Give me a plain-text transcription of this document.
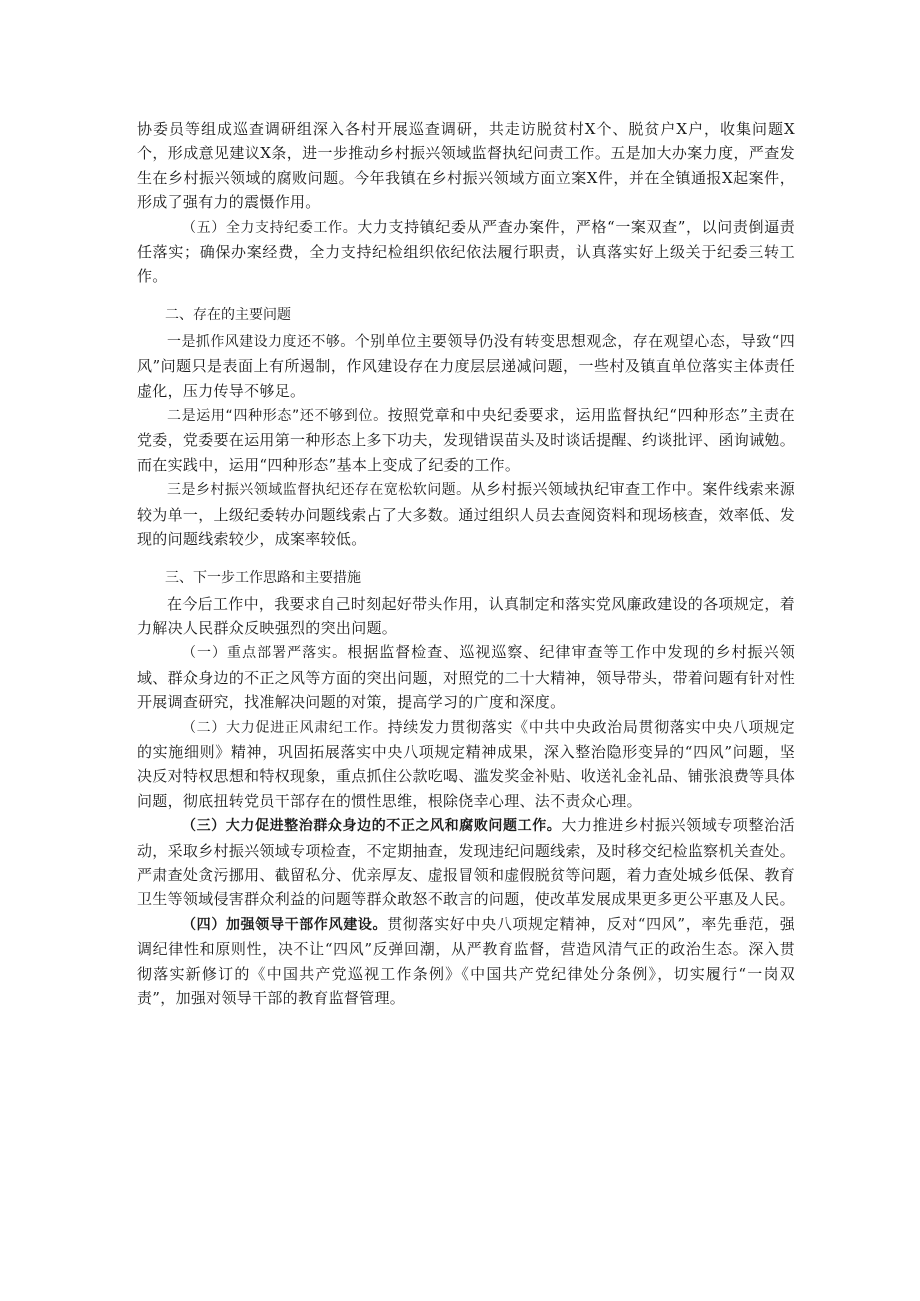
协委员等组成巡查调研组深入各村开展巡查调研，共走访脱贫村X个、脱贫户X户，收集问题X个，形成意见建议X条，进一步推动乡村振兴领域监督执纪问责工作。五是加大办案力度，严查发生在乡村振兴领域的腐败问题。今年我镇在乡村振兴领域方面立案X件，并在全镇通报X起案件，形成了强有力的震慑作用。

（五）全力支持纪委工作。大力支持镇纪委从严查办案件，严格“一案双查”，以问责倒逼责任落实；确保办案经费，全力支持纪检组织依纪依法履行职责，认真落实好上级关于纪委三转工作。

二、存在的主要问题

一是抓作风建设力度还不够。个别单位主要领导仍没有转变思想观念，存在观望心态，导致“四风”问题只是表面上有所遏制，作风建设存在力度层层递减问题，一些村及镇直单位落实主体责任虚化，压力传导不够足。

二是运用“四种形态”还不够到位。按照党章和中央纪委要求，运用监督执纪“四种形态”主责在党委，党委要在运用第一种形态上多下功夫，发现错误苗头及时谈话提醒、约谈批评、函询诫勉。而在实践中，运用“四种形态”基本上变成了纪委的工作。

三是乡村振兴领域监督执纪还存在宽松软问题。从乡村振兴领域执纪审查工作中。案件线索来源较为单一，上级纪委转办问题线索占了大多数。通过组织人员去查阅资料和现场核查，效率低、发现的问题线索较少，成案率较低。

三、下一步工作思路和主要措施

在今后工作中，我要求自己时刻起好带头作用，认真制定和落实党风廉政建设的各项规定，着力解决人民群众反映强烈的突出问题。

（一）重点部署严落实。根据监督检查、巡视巡察、纪律审查等工作中发现的乡村振兴领域、群众身边的不正之风等方面的突出问题，对照党的二十大精神，领导带头，带着问题有针对性开展调查研究，找准解决问题的对策，提高学习的广度和深度。

（二）大力促进正风肃纪工作。持续发力贯彻落实《中共中央政治局贯彻落实中央八项规定的实施细则》精神，巩固拓展落实中央八项规定精神成果，深入整治隐形变异的“四风”问题，坚决反对特权思想和特权现象，重点抓住公款吃喝、滥发奖金补贴、收送礼金礼品、铺张浪费等具体问题，彻底扭转党员干部存在的惯性思维，根除侥幸心理、法不责众心理。

（三）大力促进整治群众身边的不正之风和腐败问题工作。大力推进乡村振兴领域专项整治活动，采取乡村振兴领域专项检查，不定期抽查，发现违纪问题线索，及时移交纪检监察机关查处。严肃查处贪污挪用、截留私分、优亲厚友、虚报冒领和虚假脱贫等问题，着力查处城乡低保、教育卫生等领域侵害群众利益的问题等群众敢怒不敢言的问题，使改革发展成果更多更公平惠及人民。

（四）加强领导干部作风建设。贯彻落实好中央八项规定精神，反对“四风”，率先垂范，强调纪律性和原则性，决不让“四风”反弹回潮，从严教育监督，营造风清气正的政治生态。深入贯彻落实新修订的《中国共产党巡视工作条例》《中国共产党纪律处分条例》，切实履行“一岗双责”，加强对领导干部的教育监督管理。
